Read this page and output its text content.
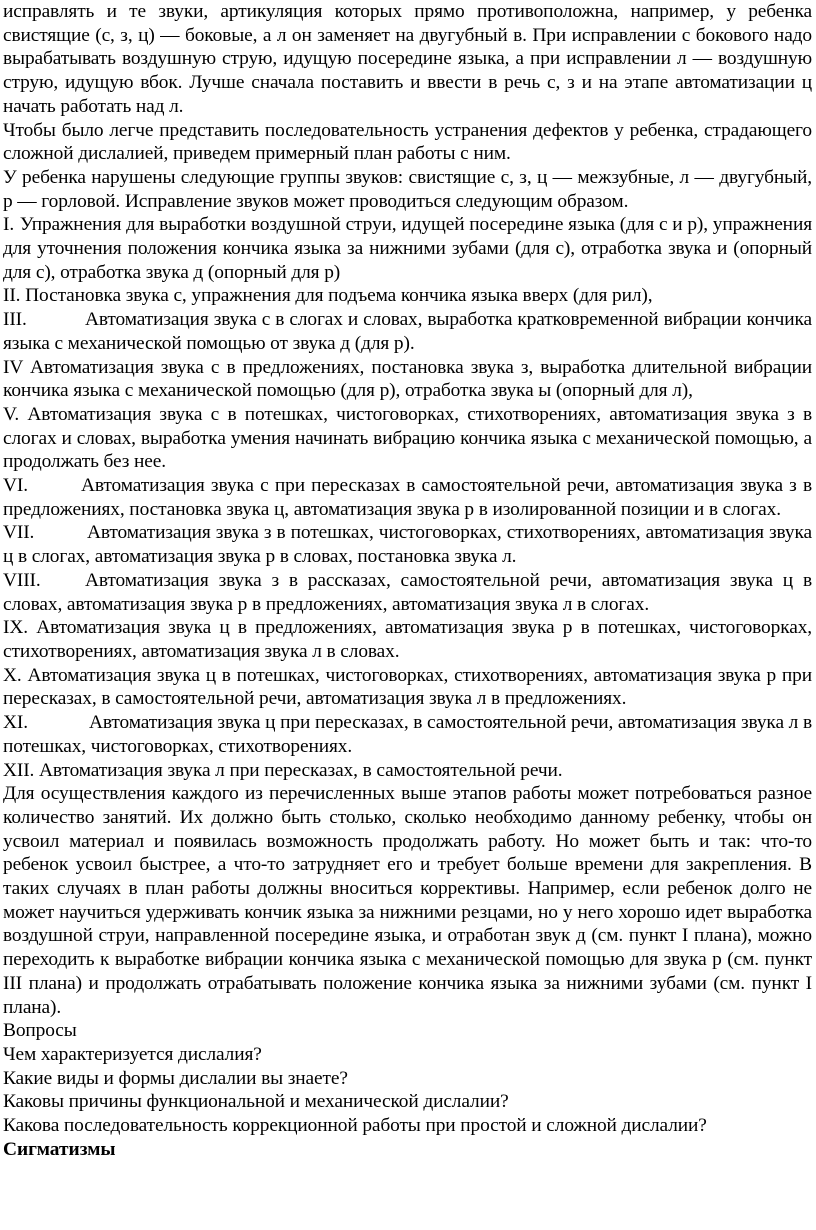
исправлять и те звуки, артикуляция которых прямо противоположна, например, у ребенка свистящие (с, з, ц) — боковые, а л он заменяет на двугубный в. При исправлении с бокового надо вырабатывать воздушную струю, идущую посередине языка, а при исправлении л — воздушную струю, идущую вбок. Лучше сначала поставить и ввести в речь с, з и на этапе автоматизации ц начать работать над л.

Чтобы было легче представить последовательность устранения дефектов у ребенка, страдающего сложной дислалией, приведем примерный план работы с ним.

У ребенка нарушены следующие группы звуков: свистящие с, з, ц — межзубные, л — двугубный, р — горловой. Исправление звуков может проводиться следующим образом.

I. Упражнения для выработки воздушной струи, идущей посередине языка (для с и р), упражнения для уточнения положения кончика языка за нижними зубами (для с), отработка звука и (опорный для с), отработка звука д (опорный для р)

II. Постановка звука с, упражнения для подъема кончика языка вверх (для рил),

III.	Автоматизация звука с в слогах и словах, выработка кратковременной вибрации кончика языка с механической помощью от звука д (для р).

IV Автоматизация звука с в предложениях, постановка звука з, выработка длительной вибрации кончика языка с механической помощью (для р), отработка звука ы (опорный для л),

V. Автоматизация звука с в потешках, чистоговорках, стихотворениях, автоматизация звука з в слогах и словах, выработка умения начинать вибрацию кончика языка с механической помощью, а продолжать без нее.

VI.	Автоматизация звука с при пересказах в самостоятельной речи, автоматизация звука з в предложениях, постановка звука ц, автоматизация звука р в изолированной позиции и в слогах.

VII.	Автоматизация звука з в потешках, чистоговорках, стихотворениях, автоматизация звука ц в слогах, автоматизация звука р в словах, постановка звука л.

VIII. Автоматизация звука з в рассказах, самостоятельной речи, автоматизация звука ц в словах, автоматизация звука р в предложениях, автоматизация звука л в слогах.

IX. Автоматизация звука ц в предложениях, автоматизация звука р в потешках, чистоговорках, стихотворениях, автоматизация звука л в словах.

X. Автоматизация звука ц в потешках, чистоговорках, стихотворениях, автоматизация звука р при пересказах, в самостоятельной речи, автоматизация звука л в предложениях.

XI.	Автоматизация звука ц при пересказах, в самостоятельной речи, автоматизация звука л в потешках, чистоговорках, стихотворениях.

XII. Автоматизация звука л при пересказах, в самостоятельной речи.

Для осуществления каждого из перечисленных выше этапов работы может потребоваться разное количество занятий. Их должно быть столько, сколько необходимо данному ребенку, чтобы он усвоил материал и появилась возможность продолжать работу. Но может быть и так: что-то ребенок усвоил быстрее, а что-то затрудняет его и требует больше времени для закрепления. В таких случаях в план работы должны вноситься коррективы. Например, если ребенок долго не может научиться удерживать кончик языка за нижними резцами, но у него хорошо идет выработка воздушной струи, направленной посередине языка, и отработан звук д (см. пункт I плана), можно переходить к выработке вибрации кончика языка с механической помощью для звука р (см. пункт III плана) и продолжать отрабатывать положение кончика языка за нижними зубами (см. пункт I плана).

Вопросы

Чем характеризуется дислалия?

Какие виды и формы дислалии вы знаете?

Каковы причины функциональной и механической дислалии?

Какова последовательность коррекционной работы при простой и сложной дислалии?

Сигматизмы
